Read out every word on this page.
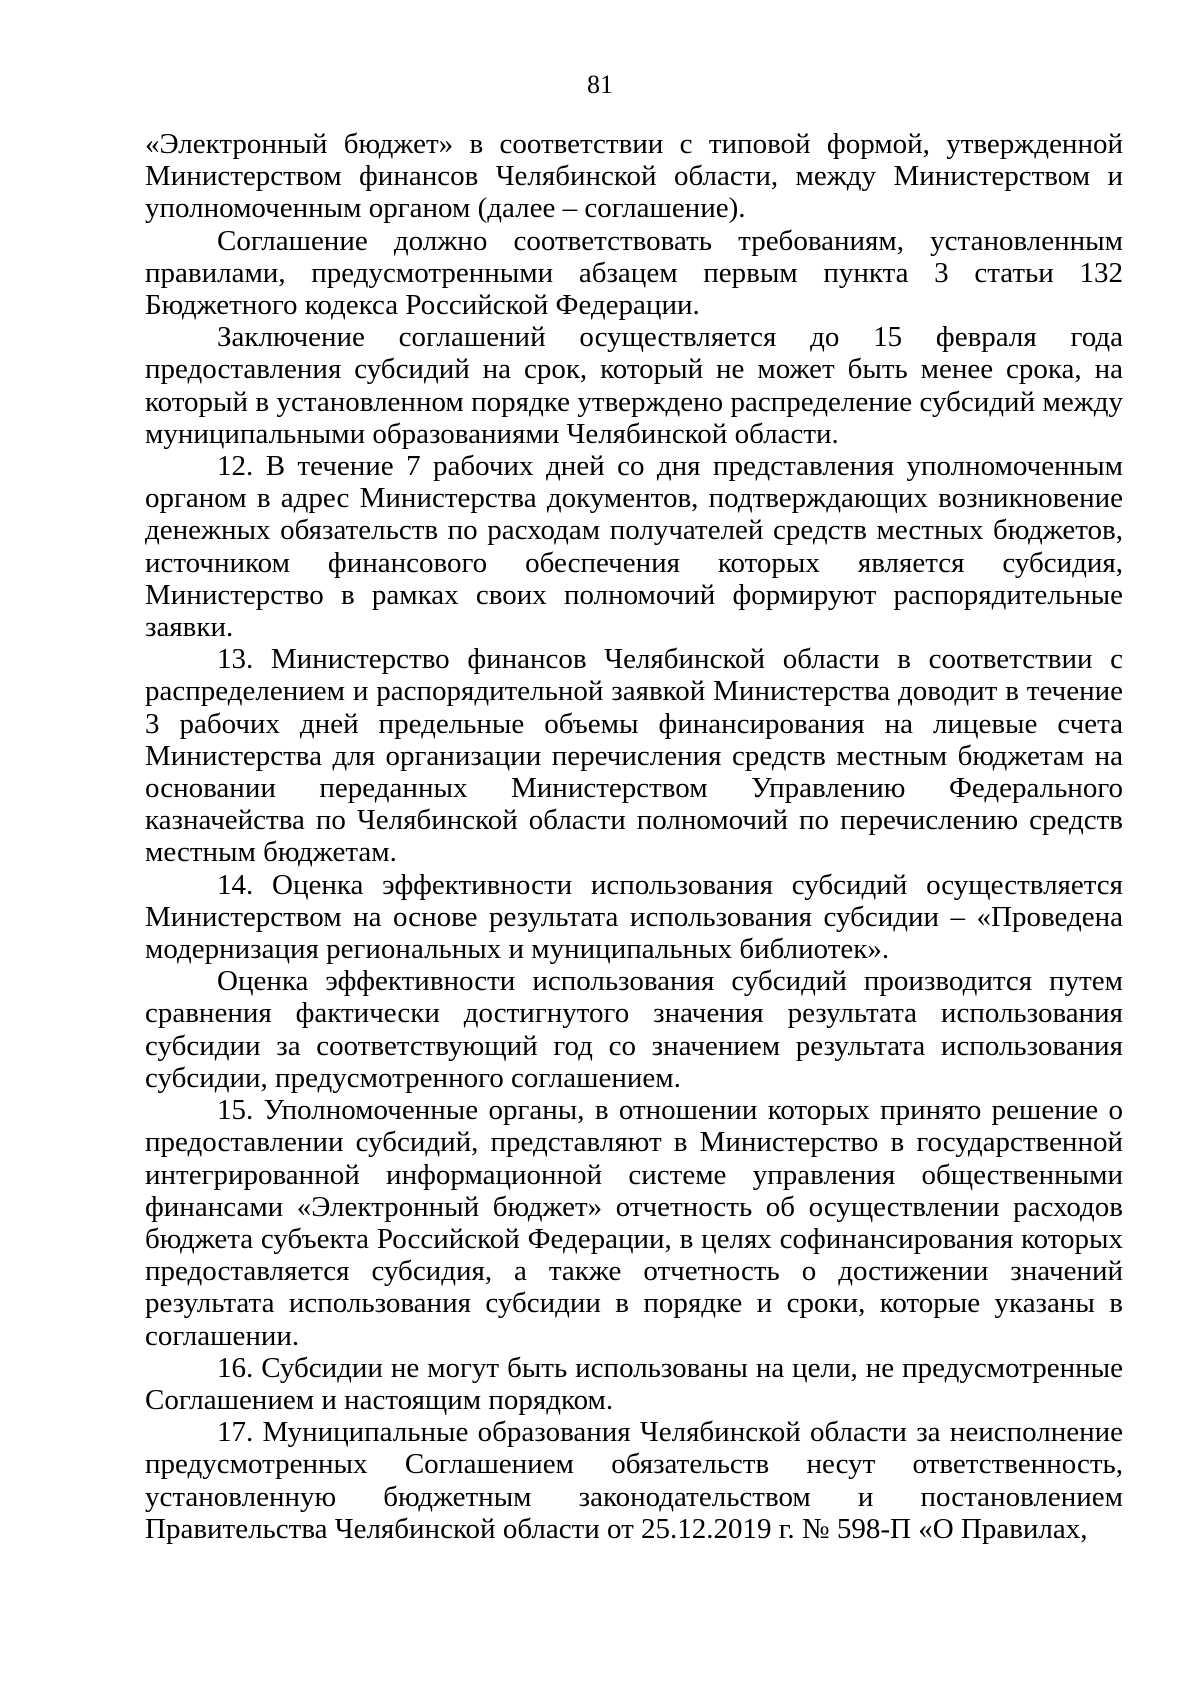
81

«Электронный бюджет» в соответствии с типовой формой, утвержденной Министерством финансов Челябинской области, между Министерством и уполномоченным органом (далее – соглашение).

Соглашение должно соответствовать требованиям, установленным правилами, предусмотренными абзацем первым пункта 3 статьи 132 Бюджетного кодекса Российской Федерации.

Заключение соглашений осуществляется до 15 февраля года предоставления субсидий на срок, который не может быть менее срока, на который в установленном порядке утверждено распределение субсидий между муниципальными образованиями Челябинской области.

12. В течение 7 рабочих дней со дня представления уполномоченным органом в адрес Министерства документов, подтверждающих возникновение денежных обязательств по расходам получателей средств местных бюджетов, источником финансового обеспечения которых является субсидия, Министерство в рамках своих полномочий формируют распорядительные заявки.

13. Министерство финансов Челябинской области в соответствии с распределением и распорядительной заявкой Министерства доводит в течение 3 рабочих дней предельные объемы финансирования на лицевые счета Министерства для организации перечисления средств местным бюджетам на основании переданных Министерством Управлению Федерального казначейства по Челябинской области полномочий по перечислению средств местным бюджетам.

14. Оценка эффективности использования субсидий осуществляется Министерством на основе результата использования субсидии – «Проведена модернизация региональных и муниципальных библиотек».

Оценка эффективности использования субсидий производится путем сравнения фактически достигнутого значения результата использования субсидии за соответствующий год со значением результата использования субсидии, предусмотренного соглашением.

15. Уполномоченные органы, в отношении которых принято решение о предоставлении субсидий, представляют в Министерство в государственной интегрированной информационной системе управления общественными финансами «Электронный бюджет» отчетность об осуществлении расходов бюджета субъекта Российской Федерации, в целях софинансирования которых предоставляется субсидия, а также отчетность о достижении значений результата использования субсидии в порядке и сроки, которые указаны в соглашении.

16. Субсидии не могут быть использованы на цели, не предусмотренные Соглашением и настоящим порядком.

17. Муниципальные образования Челябинской области за неисполнение предусмотренных Соглашением обязательств несут ответственность, установленную бюджетным законодательством и постановлением Правительства Челябинской области от 25.12.2019 г. № 598-П «О Правилах,
